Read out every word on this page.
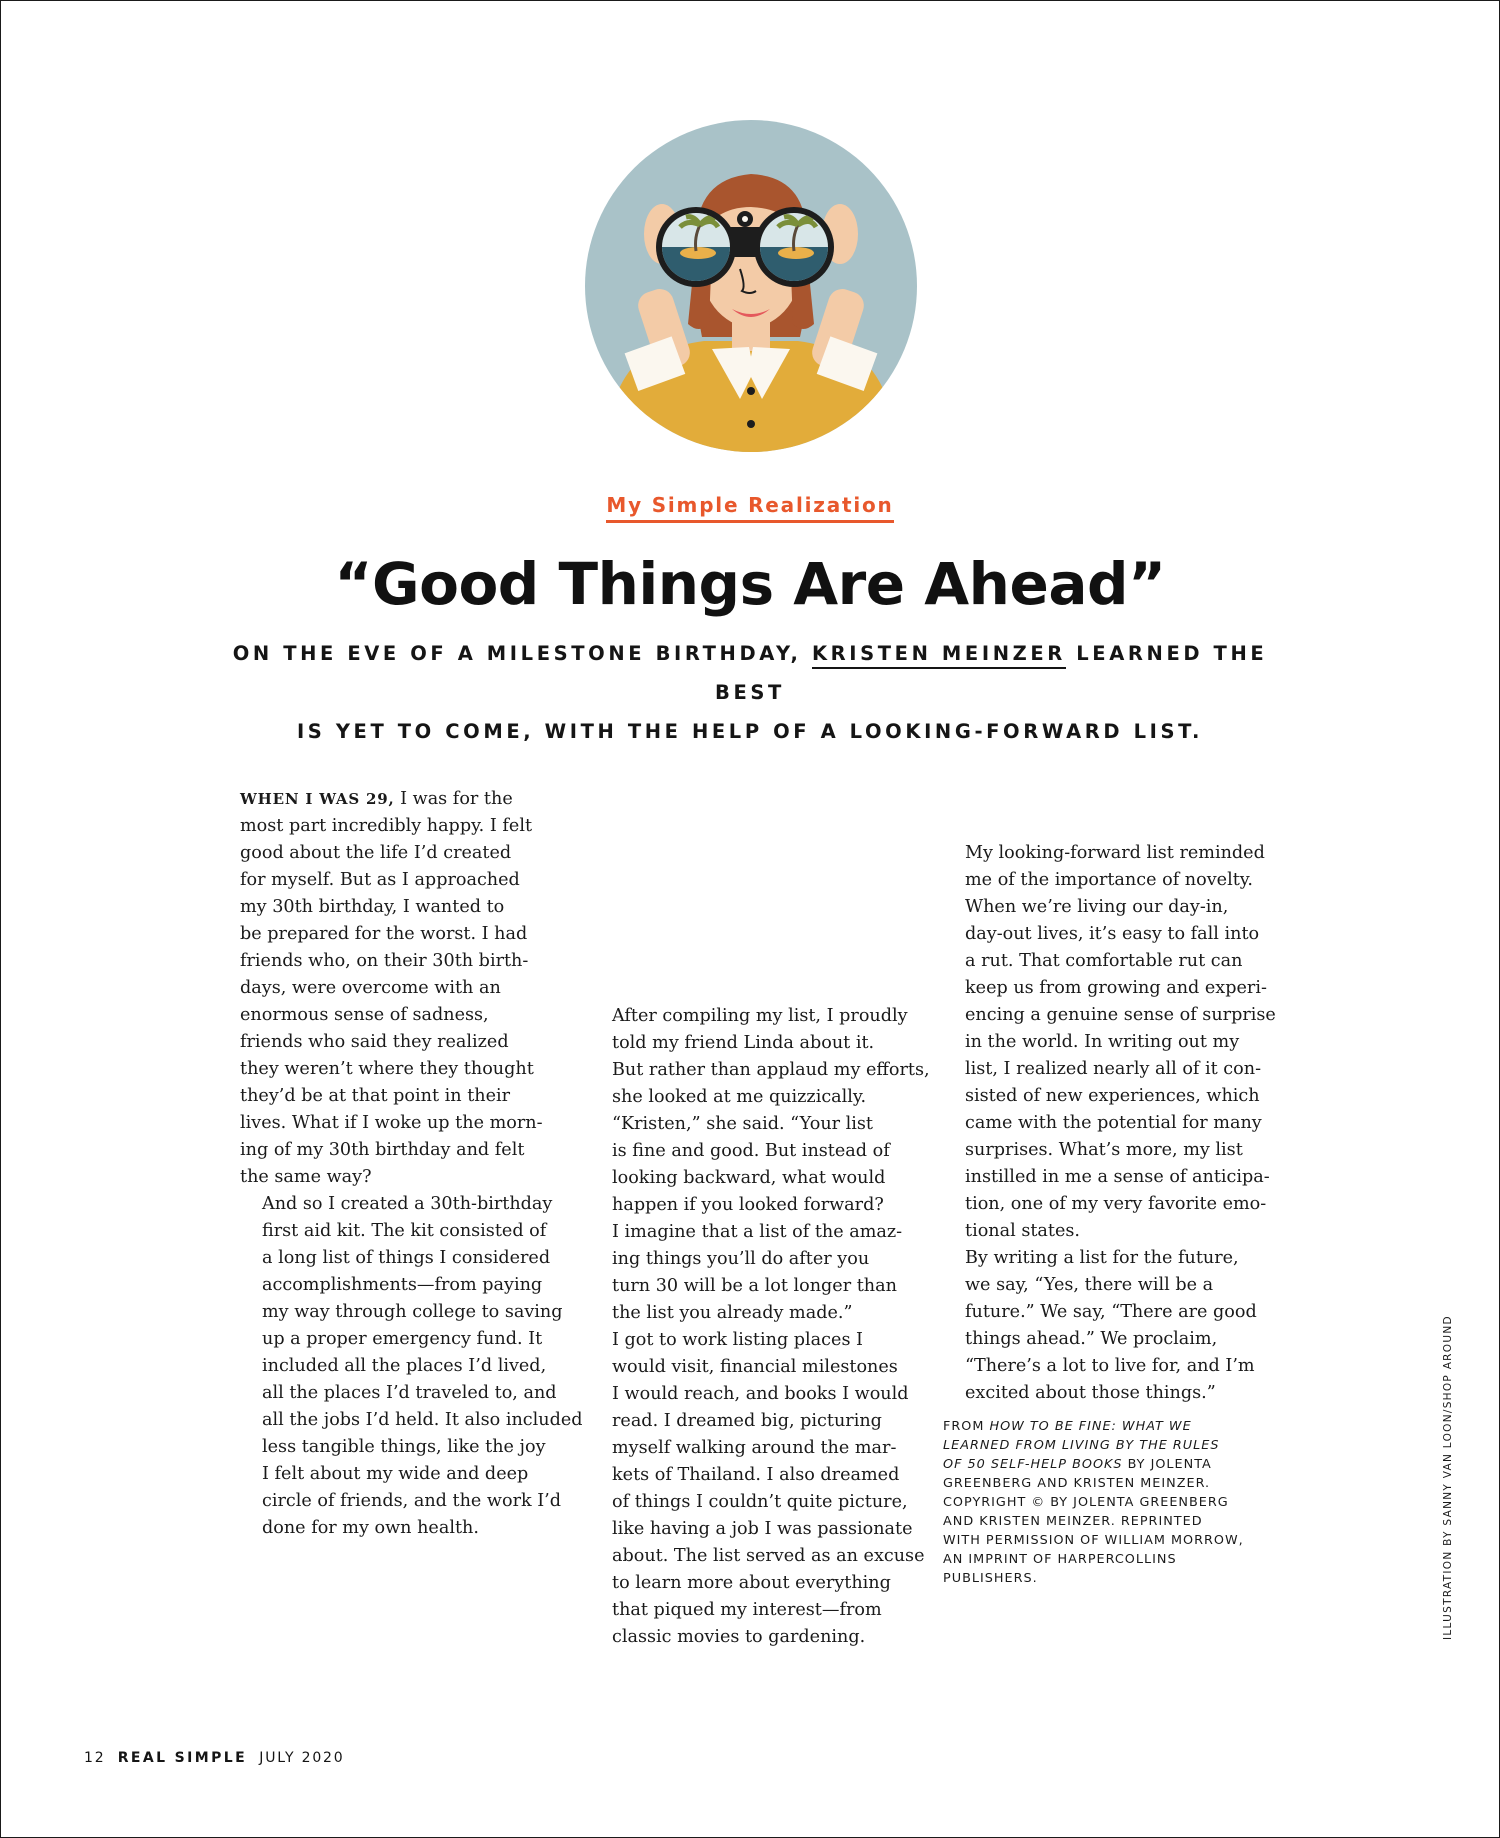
My Simple Realization
“Good Things Are Ahead”

ON THE EVE OF A MILESTONE BIRTHDAY, KRISTEN MEINZER LEARNED THE BEST
IS YET TO COME, WITH THE HELP OF A LOOKING-FORWARD LIST.

WHEN I WAS 29, I was for the
most part incredibly happy. I felt
good about the life I’d created
for myself. But as I approached
my 30th birthday, I wanted to
be prepared for the worst. I had
friends who, on their 30th birth-
days, were overcome with an
enormous sense of sadness,
friends who said they realized
they weren’t where they thought
they’d be at that point in their
lives. What if I woke up the morn-
ing of my 30th birthday and felt
the same way?

And so I created a 30th-birthday
first aid kit. The kit consisted of
a long list of things I considered
accomplishments—from paying
my way through college to saving
up a proper emergency fund. It
included all the places I’d lived,
all the places I’d traveled to, and
all the jobs I’d held. It also included
less tangible things, like the joy
I felt about my wide and deep
circle of friends, and the work I’d
done for my own health.

After compiling my list, I proudly
told my friend Linda about it.
But rather than applaud my efforts,
she looked at me quizzically.

“Kristen,” she said. “Your list
is fine and good. But instead of
looking backward, what would
happen if you looked forward?
I imagine that a list of the amaz-
ing things you’ll do after you
turn 30 will be a lot longer than
the list you already made.”

I got to work listing places I
would visit, financial milestones
I would reach, and books I would
read. I dreamed big, picturing
myself walking around the mar-
kets of Thailand. I also dreamed
of things I couldn’t quite picture,
like having a job I was passionate
about. The list served as an excuse
to learn more about everything
that piqued my interest—from
classic movies to gardening.

My looking-forward list reminded
me of the importance of novelty.
When we’re living our day-in,
day-out lives, it’s easy to fall into
a rut. That comfortable rut can
keep us from growing and experi-
encing a genuine sense of surprise
in the world. In writing out my
list, I realized nearly all of it con-
sisted of new experiences, which
came with the potential for many
surprises. What’s more, my list
instilled in me a sense of anticipa-
tion, one of my very favorite emo-
tional states.

By writing a list for the future,
we say, “Yes, there will be a
future.” We say, “There are good
things ahead.” We proclaim,
“There’s a lot to live for, and I’m
excited about those things.”

FROM HOW TO BE FINE: WHAT WE
LEARNED FROM LIVING BY THE RULES
OF 50 SELF-HELP BOOKS BY JOLENTA
GREENBERG AND KRISTEN MEINZER.
COPYRIGHT © BY JOLENTA GREENBERG
AND KRISTEN MEINZER. REPRINTED
WITH PERMISSION OF WILLIAM MORROW,
AN IMPRINT OF HARPERCOLLINS
PUBLISHERS.	ILLUSTRATION BY SANNY VAN LOON/SHOP AROUND
12 REAL SIMPLE JULY 2020
